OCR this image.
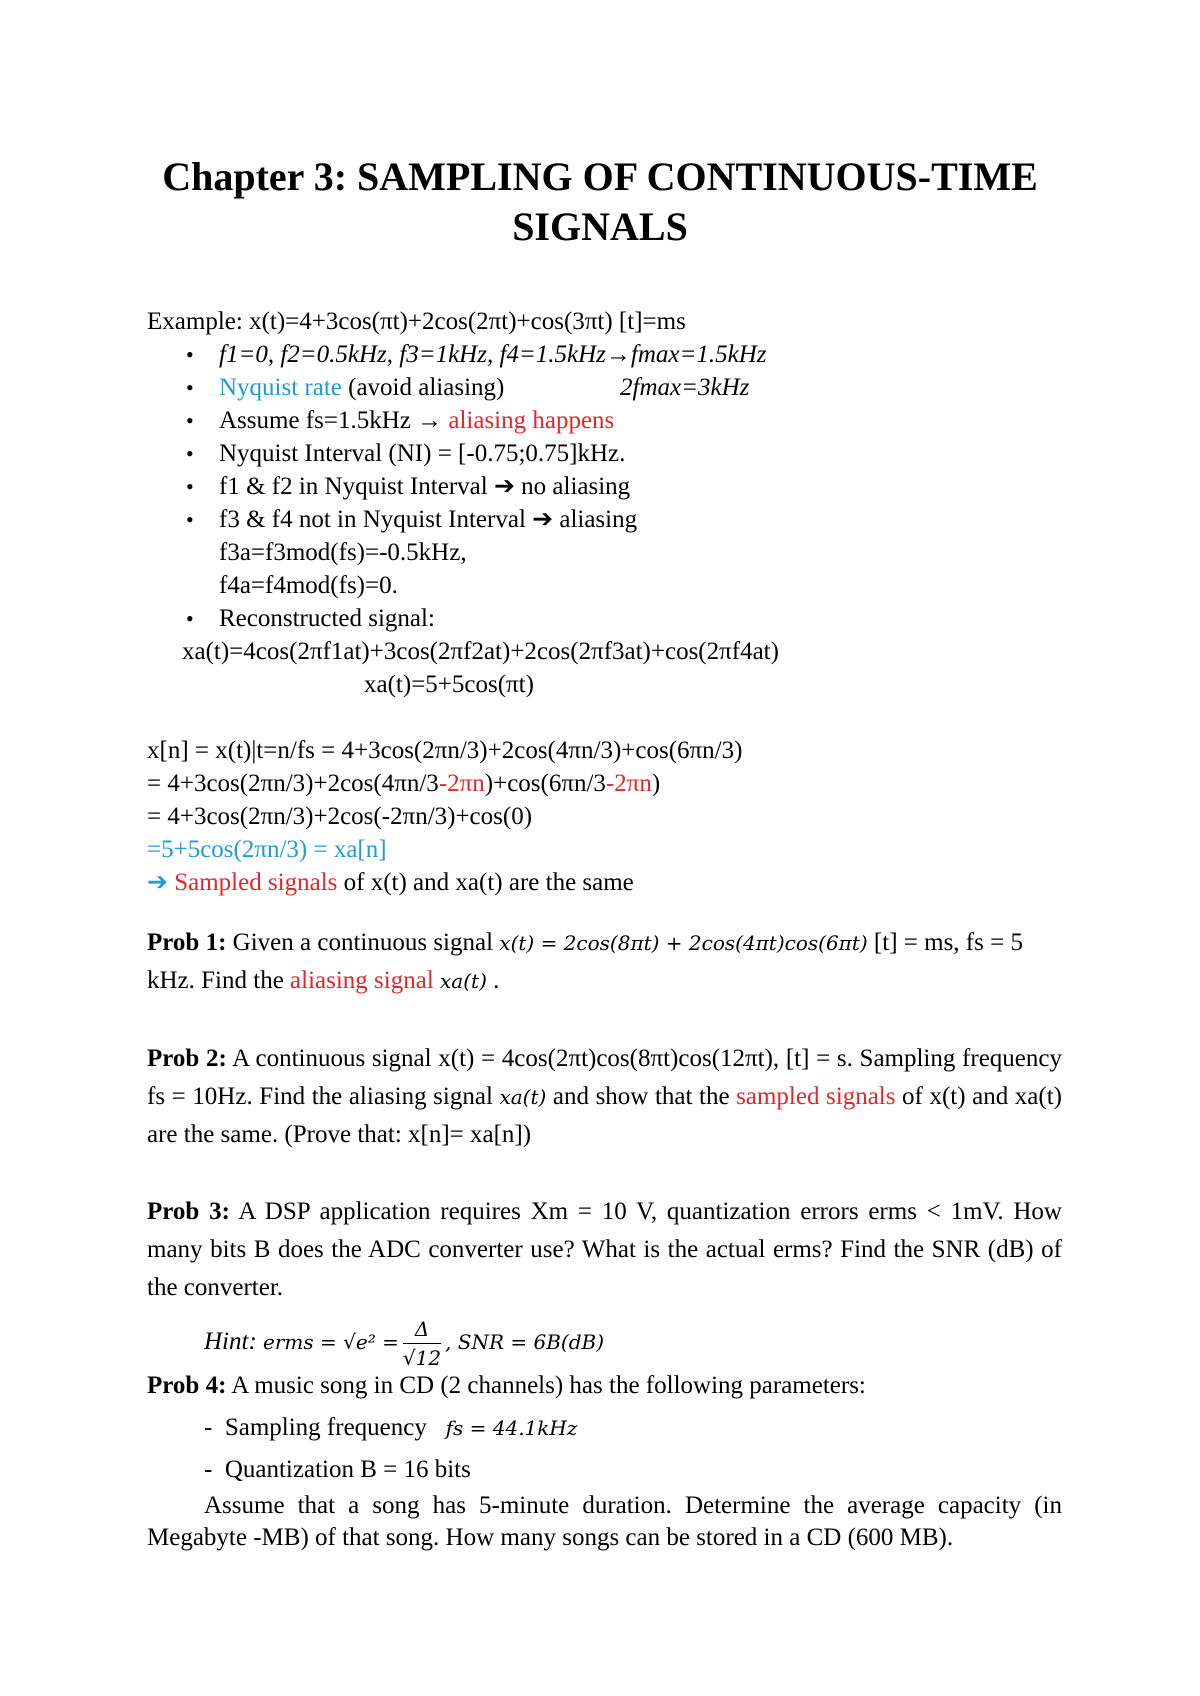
Chapter 3: SAMPLING OF CONTINUOUS-TIME
SIGNALS
Example: x(t)=4+3cos(πt)+2cos(2πt)+cos(3πt) [t]=ms
• f1=0, f2=0.5kHz, f3=1kHz, f4=1.5kHz→fmax=1.5kHz
• Nyquist rate (avoid aliasing)	2fmax=3kHz
• Assume fs=1.5kHz → aliasing happens
• Nyquist Interval (NI) = [-0.75;0.75]kHz.
• f1 & f2 in Nyquist Interval ➔ no aliasing
• f3 & f4 not in Nyquist Interval ➔ aliasing
f3a=f3mod(fs)=-0.5kHz,
f4a=f4mod(fs)=0.
• Reconstructed signal:
xa(t)=4cos(2πf1at)+3cos(2πf2at)+2cos(2πf3at)+cos(2πf4at)
xa(t)=5+5cos(πt)
x[n] = x(t)|t=n/fs = 4+3cos(2πn/3)+2cos(4πn/3)+cos(6πn/3)
= 4+3cos(2πn/3)+2cos(4πn/3-2πn)+cos(6πn/3-2πn)
= 4+3cos(2πn/3)+2cos(-2πn/3)+cos(0)
=5+5cos(2πn/3) = xa[n]
➔ Sampled signals of x(t) and xa(t) are the same
Prob 1: Given a continuous signal x(t) = 2cos(8πt) + 2cos(4πt)cos(6πt) [t] = ms, fs = 5
kHz. Find the aliasing signal xa(t) .
Prob 2: A continuous signal x(t) = 4cos(2πt)cos(8πt)cos(12πt), [t] = s. Sampling frequency fs = 10Hz. Find the aliasing signal xa(t) and show that the sampled signals of x(t) and xa(t) are the same. (Prove that: x[n]= xa[n])
Prob 3: A DSP application requires Xm = 10 V, quantization errors erms < 1mV. How many bits B does the ADC converter use? What is the actual erms? Find the SNR (dB) of the converter.
Hint: erms = $√e^2 = \frac{\Delta}{√12}$ , SNR = 6B(dB)
Prob 4: A music song in CD (2 channels) has the following parameters:
-  Sampling frequency fs = 44.1kHz
-  Quantization B = 16 bits
Assume that a song has 5-minute duration. Determine the average capacity (in Megabyte -MB) of that song. How many songs can be stored in a CD (600 MB).
